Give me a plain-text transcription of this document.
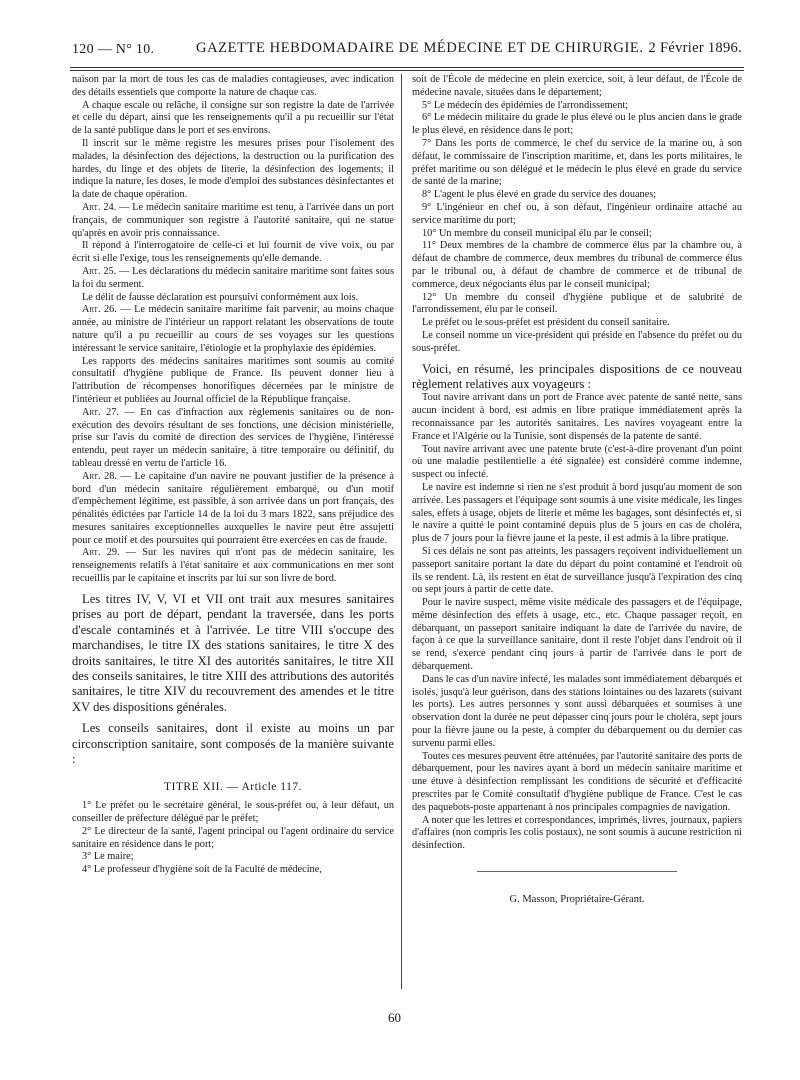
120 — N° 10.	GAZETTE HEBDOMADAIRE DE MÉDECINE ET DE CHIRURGIE. 2 Février 1896.

naison par la mort de tous les cas de maladies contagieuses, avec indication des détails essentiels que comporte la nature de chaque cas.

A chaque escale ou relâche, il consigne sur son registre la date de l'arrivée et celle du départ, ainsi que les renseignements qu'il a pu recueillir sur l'état de la santé publique dans le port et ses environs.

Il inscrit sur le même registre les mesures prises pour l'isolement des malades, la désinfection des déjections, la destruction ou la purification des hardes, du linge et des objets de literie, la désinfection des logements; il indique la nature, les doses, le mode d'emploi des substances désinfectantes et la date de chaque opération.

Art. 24. — Le médecin sanitaire maritime est tenu, à l'arrivée dans un port français, de communiquer son registre à l'autorité sanitaire, qui ne statue qu'après en avoir pris connaissance.

Il répond à l'interrogatoire de celle-ci et lui fournit de vive voix, ou par écrit si elle l'exige, tous les renseignements qu'elle demande.

Art. 25. — Les déclarations du médecin sanitaire maritime sont faites sous la foi du serment.

Le délit de fausse déclaration est poursuivi conformément aux lois.

Art. 26. — Le médecin sanitaire maritime fait parvenir, au moins chaque année, au ministre de l'intérieur un rapport relatant les observations de toute nature qu'il a pu recueillir au cours de ses voyages sur les questions intéressant le service sanitaire, l'étiologie et la prophylaxie des épidémies.

Les rapports des médecins sanitaires maritimes sont soumis au comité consultatif d'hygiène publique de France. Ils peuvent donner lieu à l'attribution de récompenses honorifiques décernées par le ministre de l'intérieur et publiées au Journal officiel de la République française.

Art. 27. — En cas d'infraction aux règlements sanitaires ou de non-exécution des devoirs résultant de ses fonctions, une décision ministérielle, prise sur l'avis du comité de direction des services de l'hygiène, l'intéressé entendu, peut rayer un médecin sanitaire, à titre temporaire ou définitif, du tableau dressé en vertu de l'article 16.

Art. 28. — Le capitaine d'un navire ne pouvant justifier de la présence à bord d'un médecin sanitaire régulièrement embarqué, ou d'un motif d'empêchement légitime, est passible, à son arrivée dans un port français, des pénalités édictées par l'article 14 de la loi du 3 mars 1822, sans préjudice des mesures sanitaires exceptionnelles auxquelles le navire peut être assujetti pour ce motif et des poursuites qui pourraient être exercées en cas de fraude.

Art. 29. — Sur les navires qui n'ont pas de médecin sanitaire, les renseignements relatifs à l'état sanitaire et aux communications en mer sont recueillis par le capitaine et inscrits par lui sur son livre de bord.

Les titres IV, V, VI et VII ont trait aux mesures sanitaires prises au port de départ, pendant la traversée, dans les ports d'escale contaminés et à l'arrivée. Le titre VIII s'occupe des marchandises, le titre IX des stations sanitaires, le titre X des droits sanitaires, le titre XI des autorités sanitaires, le titre XII des conseils sanitaires, le titre XIII des attributions des autorités sanitaires, le titre XIV du recouvrement des amendes et le titre XV des dispositions générales.

Les conseils sanitaires, dont il existe au moins un par circonscription sanitaire, sont composés de la manière suivante :

TITRE XII. — Article 117.

1° Le préfet ou le secrétaire général, le sous-préfet ou, à leur défaut, un conseiller de préfecture délégué par le préfet;

2° Le directeur de la santé, l'agent principal ou l'agent ordinaire du service sanitaire en résidence dans le port;

3° Le maire;

4° Le professeur d'hygiène soit de la Faculté de médecine,

soit de l'École de médecine en plein exercice, soit, à leur défaut, de l'École de médecine navale, situées dans le département;

5° Le médecin des épidémies de l'arrondissement;

6° Le médecin militaire du grade le plus élevé ou le plus ancien dans le grade le plus élevé, en résidence dans le port;

7° Dans les ports de commerce, le chef du service de la marine ou, à son défaut, le commissaire de l'inscription maritime, et, dans les ports militaires, le préfet maritime ou son délégué et le médecin le plus élevé en grade du service de santé de la marine;

8° L'agent le plus élevé en grade du service des douanes;

9° L'ingénieur en chef ou, à son défaut, l'ingénieur ordinaire attaché au service maritime du port;

10° Un membre du conseil municipal élu par le conseil;

11° Deux membres de la chambre de commerce élus par la chambre ou, à défaut de chambre de commerce, deux membres du tribunal de commerce élus par le tribunal ou, à défaut de chambre de commerce et de tribunal de commerce, deux négociants élus par le conseil municipal;

12° Un membre du conseil d'hygiène publique et de salubrité de l'arrondissement, élu par le conseil.

Le préfet ou le sous-préfet est président du conseil sanitaire.

Le conseil nomme un vice-président qui préside en l'absence du préfet ou du sous-préfet.

Voici, en résumé, les principales dispositions de ce nouveau règlement relatives aux voyageurs :

Tout navire arrivant dans un port de France avec patente de santé nette, sans aucun incident à bord, est admis en libre pratique immédiatement après la reconnaissance par les autorités sanitaires. Les navires voyageant entre la France et l'Algérie ou la Tunisie, sont dispensés de la patente de santé.

Tout navire arrivant avec une patente brute (c'est-à-dire provenant d'un point où une maladie pestilentielle a été signalée) est considéré comme indemne, suspect ou infecté.

Le navire est indemne si rien ne s'est produit à bord jusqu'au moment de son arrivée. Les passagers et l'équipage sont soumis à une visite médicale, les linges sales, effets à usage, objets de literie et même les bagages, sont désinfectés et, si le navire a quitté le point contaminé depuis plus de 5 jours en cas de choléra, plus de 7 jours pour la fièvre jaune et la peste, il est admis à la libre pratique.

Si ces délais ne sont pas atteints, les passagers reçoivent individuellement un passeport sanitaire portant la date du départ du point contaminé et l'endroit où ils se rendent. Là, ils restent en état de surveillance jusqu'à l'expiration des cinq ou sept jours à partir de cette date.

Pour le navire suspect, même visite médicale des passagers et de l'équipage, même désinfection des effets à usage, etc., etc. Chaque passager reçoit, en débarquant, un passeport sanitaire indiquant la date de l'arrivée du navire, de façon à ce que la surveillance sanitaire, dont il reste l'objet dans l'endroit où il se rend, s'exerce pendant cinq jours à partir de l'arrivée dans le port de débarquement.

Dans le cas d'un navire infecté, les malades sont immédiatement débarqués et isolés, jusqu'à leur guérison, dans des stations lointaines ou des lazarets (suivant les ports). Les autres personnes y sont aussi débarquées et soumises à une observation dont la durée ne peut dépasser cinq jours pour le choléra, sept jours pour la fièvre jaune ou la peste, à compter du débarquement ou du dernier cas survenu parmi elles.

Toutes ces mesures peuvent être atténuées, par l'autorité sanitaire des ports de débarquement, pour les navires ayant à bord un médecin sanitaire maritime et une étuve à désinfection remplissant les conditions de sécurité et d'efficacité prescrites par le Comité consultatif d'hygiène publique de France. C'est le cas des paquebots-poste appartenant à nos principales compagnies de navigation.

A noter que les lettres et correspondances, imprimés, livres, journaux, papiers d'affaires (non compris les colis postaux), ne sont soumis à aucune restriction ni désinfection.

G. Masson, Propriétaire-Gérant.

60
